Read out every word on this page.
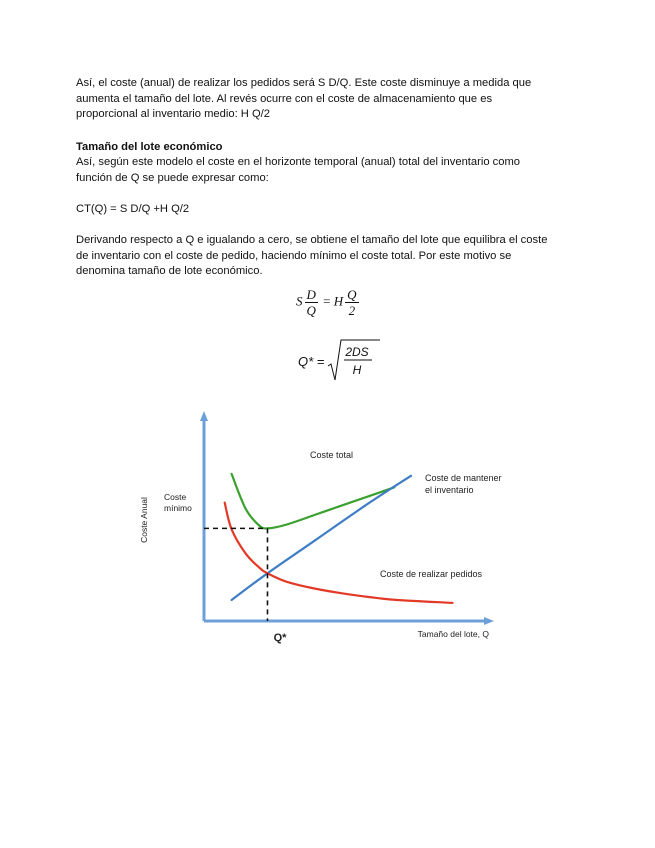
Así, el coste (anual) de realizar los pedidos será S D/Q. Este coste disminuye a medida que
aumenta el tamaño del lote. Al revés ocurre con el coste de almacenamiento que es
proporcional al inventario medio: H Q/2

Tamaño del lote económico

Así, según este modelo el coste en el horizonte temporal (anual) total del inventario como
función de Q se puede expresar como:

CT(Q) = S D/Q +H Q/2

Derivando respecto a Q e igualando a cero, se obtiene el tamaño del lote que equilibra el coste
de inventario con el coste de pedido, haciendo mínimo el coste total. Por este motivo se
denomina tamaño de lote económico.

S $\frac{D}{Q} = H \frac{Q}{2}$
Q* =
2DS
H
Coste Anual
Tamaño del lote, Q
Coste
mínimo
Q*
Coste total
Coste de mantener
el inventario
Coste de realizar pedidos
